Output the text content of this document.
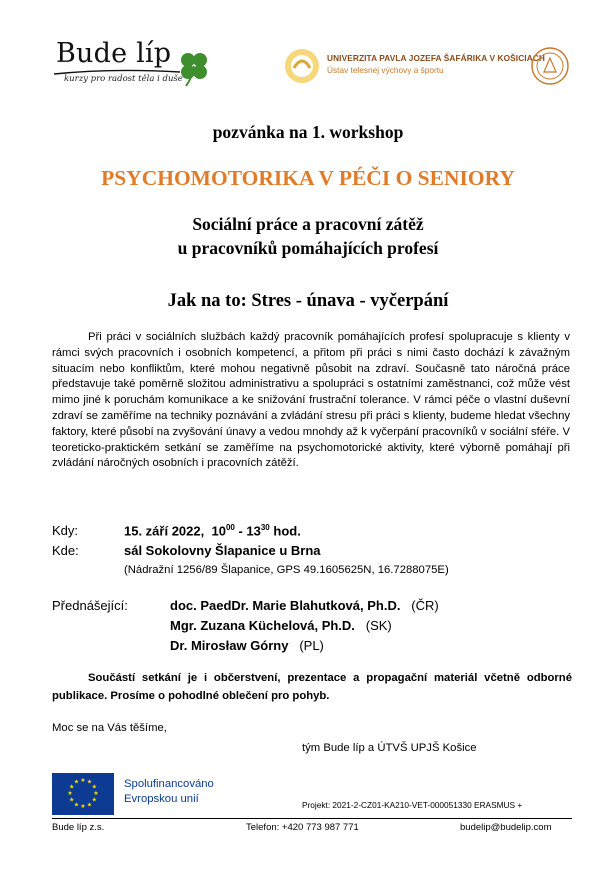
Bude líp
kurzy pro radost těla i duše
UNIVERZITA PAVLA JOZEFA ŠAFÁRIKA V KOŠICIACH
Ústav telesnej výchovy a športu
pozvánka na 1. workshop
PSYCHOMOTORIKA V PÉČI O SENIORY
Sociální práce a pracovní zátěž
u pracovníků pomáhajících profesí
Jak na to: Stres - únava - vyčerpání
Při práci v sociálních službách každý pracovník pomáhajících profesí spolupracuje s klienty v rámci svých pracovních i osobních kompetencí, a přitom při práci s nimi často dochází k závažným situacím nebo konfliktům, které mohou negativně působit na zdraví. Současně tato náročná práce představuje také poměrně složitou administrativu a spolupráci s ostatními zaměstnanci, což může vést mimo jiné k poruchám komunikace a ke snižování frustrační tolerance. V rámci péče o vlastní duševní zdraví se zaměříme na techniky poznávání a zvládání stresu při práci s klienty, budeme hledat všechny faktory, které působí na zvyšování únavy a vedou mnohdy až k vyčerpání pracovníků v sociální sféře. V teoreticko-praktickém setkání se zaměříme na psychomotorické aktivity, které výborně pomáhají při zvládání náročných osobních i pracovních zátěží.
Kdy:	15. září 2022, $10^{00} - 13^{30}$ hod.
Kde:	sál Sokolovny Šlapanice u Brna
(Nádražní 1256/89 Šlapanice, GPS 49.1605625N, 16.7288075E)
Přednášející:	doc. PaedDr. Marie Blahutková, Ph.D. (ČR)
Mgr. Zuzana Küchelová, Ph.D. (SK)
Dr. Mirosław Górny (PL)
Součástí setkání je i občerstvení, prezentace a propagační materiál včetně odborné publikace. Prosíme o pohodlné oblečení pro pohyb.
Moc se na Vás těšíme,
tým Bude líp a ÚTVŠ UPJŠ Košice
★ ★
★
★
★
★
★
★
★
★
★
★	Spolufinancováno
Evropskou unií	Projekt: 2021-2-CZ01-KA210-VET-000051330 ERASMUS +
Bude líp z.s.	Telefon: +420 773 987 771	budelip@budelip.com
